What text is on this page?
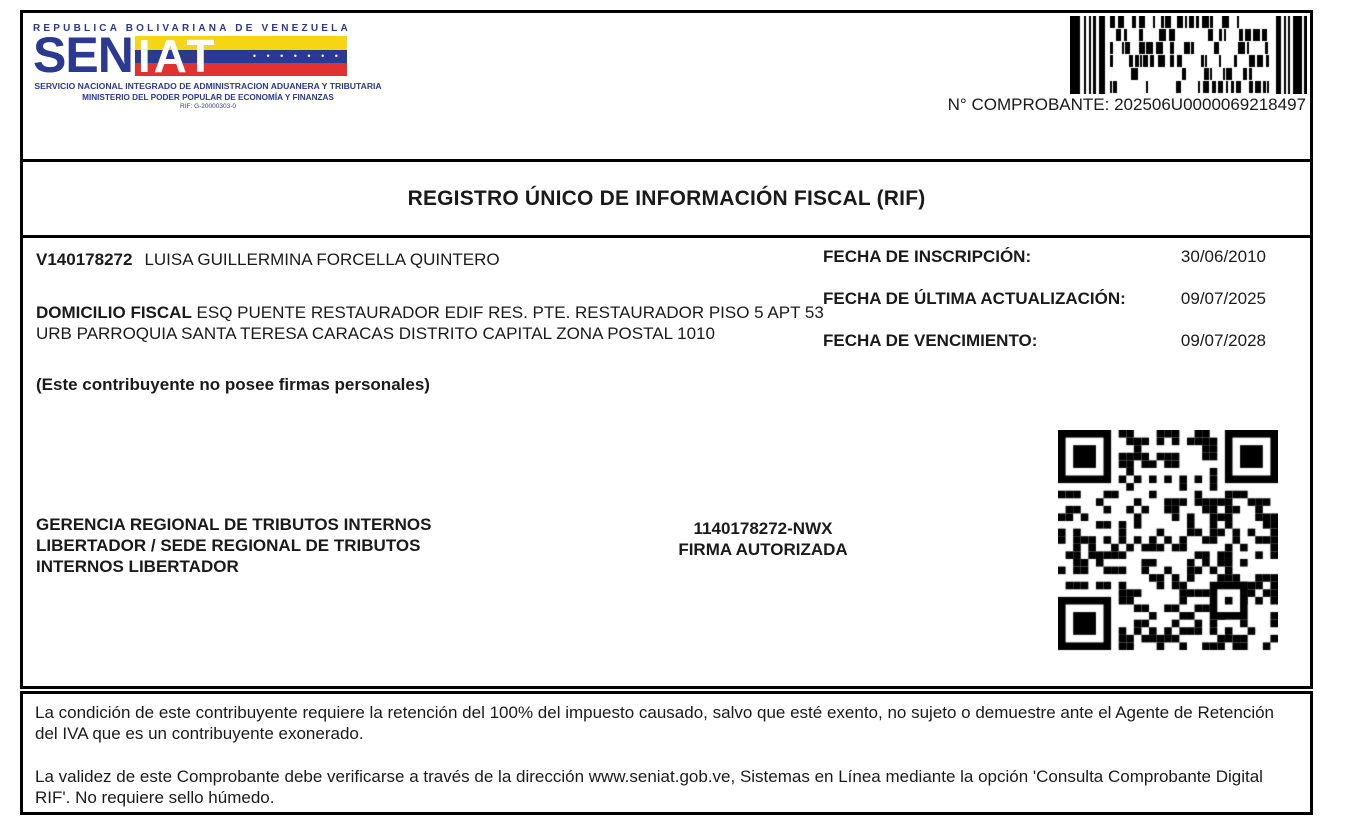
REPUBLICA BOLIVARIANA DE VENEZUELA
SEN	• • • • • • •
IAT
SERVICIO NACIONAL INTEGRADO DE ADMINISTRACION ADUANERA Y TRIBUTARIA
MINISTERIO DEL PODER POPULAR DE ECONOMÍA Y FINANZAS
RIF: G-20000303-0	N° COMPROBANTE: 202506U0000069218497
REGISTRO ÚNICO DE INFORMACIÓN FISCAL (RIF)
V140178272 LUISA GUILLERMINA FORCELLA QUINTERO
DOMICILIO FISCAL ESQ PUENTE RESTAURADOR EDIF RES. PTE. RESTAURADOR PISO 5 APT 53 URB PARROQUIA SANTA TERESA CARACAS DISTRITO CAPITAL ZONA POSTAL 1010
(Este contribuyente no posee firmas personales)
FECHA DE INSCRIPCIÓN:	30/06/2010
FECHA DE ÚLTIMA ACTUALIZACIÓN:	09/07/2025
FECHA DE VENCIMIENTO:	09/07/2028
GERENCIA REGIONAL DE TRIBUTOS INTERNOS LIBERTADOR / SEDE REGIONAL DE TRIBUTOS INTERNOS LIBERTADOR
1140178272-NWX
FIRMA AUTORIZADA

La condición de este contribuyente requiere la retención del 100% del impuesto causado, salvo que esté exento, no sujeto o demuestre ante el Agente de Retención del IVA que es un contribuyente exonerado.

La validez de este Comprobante debe verificarse a través de la dirección www.seniat.gob.ve, Sistemas en Línea mediante la opción 'Consulta Comprobante Digital RIF'. No requiere sello húmedo.
